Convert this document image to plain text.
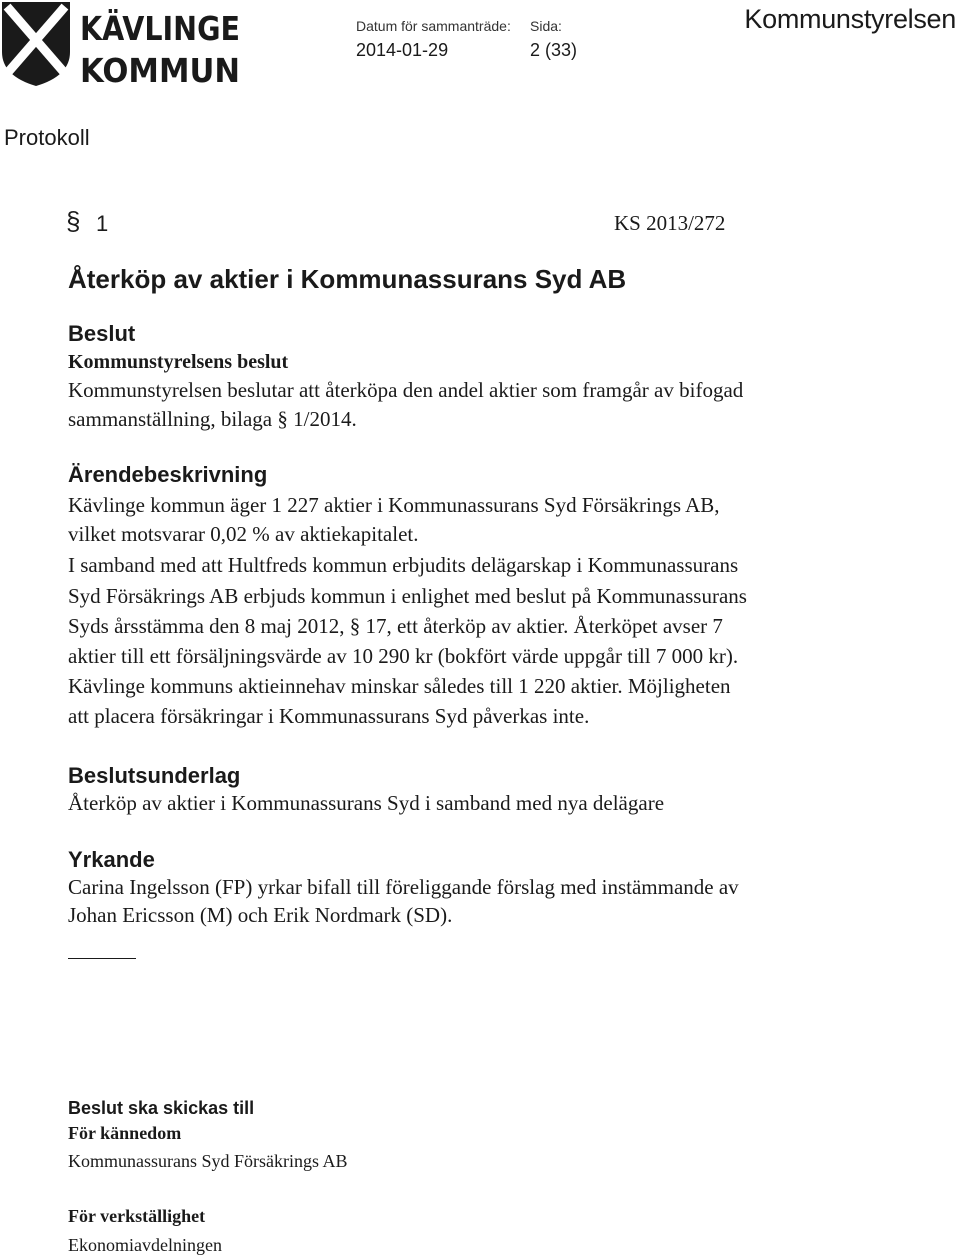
KÄVLINGE
KOMMUN
Datum för sammanträde:
2014-01-29
Sida:
2 (33)
Kommunstyrelsen
Protokoll
§ 1	KS 2013/272
Återköp av aktier i Kommunassurans Syd AB
Beslut
Kommunstyrelsens beslut
Kommunstyrelsen beslutar att återköpa den andel aktier som framgår av bifogad
sammanställning, bilaga § 1/2014.
Ärendebeskrivning
Kävlinge kommun äger 1 227 aktier i Kommunassurans Syd Försäkrings AB,
vilket motsvarar 0,02 % av aktiekapitalet.
I samband med att Hultfreds kommun erbjudits delägarskap i Kommunassurans
Syd Försäkrings AB erbjuds kommun i enlighet med beslut på Kommunassurans
Syds årsstämma den 8 maj 2012, § 17, ett återköp av aktier. Återköpet avser 7
aktier till ett försäljningsvärde av 10 290 kr (bokfört värde uppgår till 7 000 kr).
Kävlinge kommuns aktieinnehav minskar således till 1 220 aktier. Möjligheten
att placera försäkringar i Kommunassurans Syd påverkas inte.
Beslutsunderlag
Återköp av aktier i Kommunassurans Syd i samband med nya delägare
Yrkande
Carina Ingelsson (FP) yrkar bifall till föreliggande förslag med instämmande av
Johan Ericsson (M) och Erik Nordmark (SD).
Beslut ska skickas till
För kännedom
Kommunassurans Syd Försäkrings AB
För verkställighet
Ekonomiavdelningen
